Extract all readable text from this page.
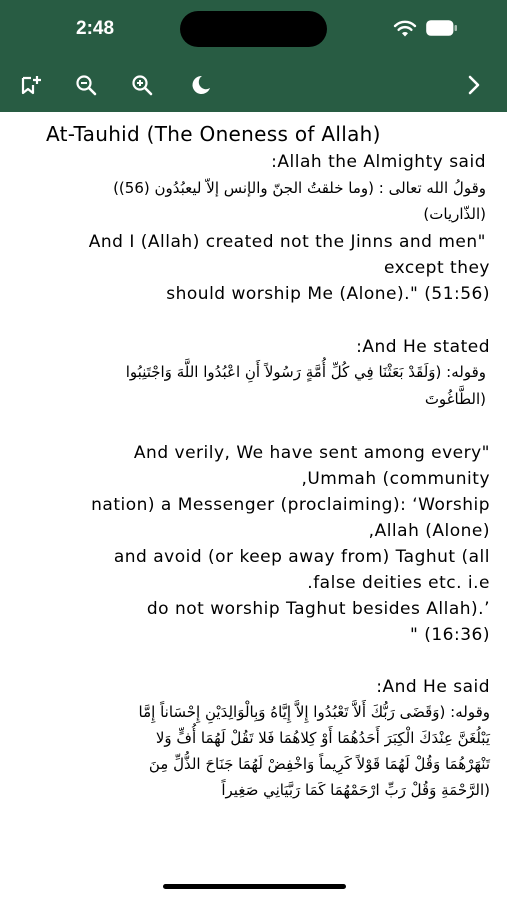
2:48
At-Tauhid (The Oneness of Allah)
:Allah the Almighty said
وقولُ الله تعالى : (وما خلقتُ الجنّ والإنس إلاّ ليعبُدُون (56))
(الذّاريات)
And I (Allah) created not the Jinns and men"
except they
should worship Me (Alone)." (51:56)
:And He stated
وقوله: (وَلَقَدْ بَعَثْنَا فِي كُلِّ أُمَّةٍ رَسُولاً أَنِ اعْبُدُوا اللَّهَ وَاجْتَنِبُوا
الطَّاغُوتَ)
And verily, We have sent among every"
,Ummah (community
nation) a Messenger (proclaiming): ‘Worship
,Allah (Alone)
and avoid (or keep away from) Taghut (all
.false deities etc. i.e
do not worship Taghut besides Allah).’
" (16:36)
:And He said
وقوله: (وَقَضَى رَبُّكَ أَلاَّ تَعْبُدُوا إِلاَّ إِيَّاهُ وَبِالْوَالِدَيْنِ إِحْسَاناً إِمَّا
يَبْلُغَنَّ عِنْدَكَ الْكِبَرَ أَحَدُهُمَا أَوْ كِلاهُمَا فَلا تَقُلْ لَهُمَا أُفٍّ وَلا
تَنْهَرْهُمَا وَقُلْ لَهُمَا قَوْلاً كَرِيماً وَاخْفِضْ لَهُمَا جَنَاحَ الذُّلِّ مِنَ
الرَّحْمَةِ وَقُلْ رَبِّ ارْحَمْهُمَا كَمَا رَبَّيَانِي صَغِيراً)
